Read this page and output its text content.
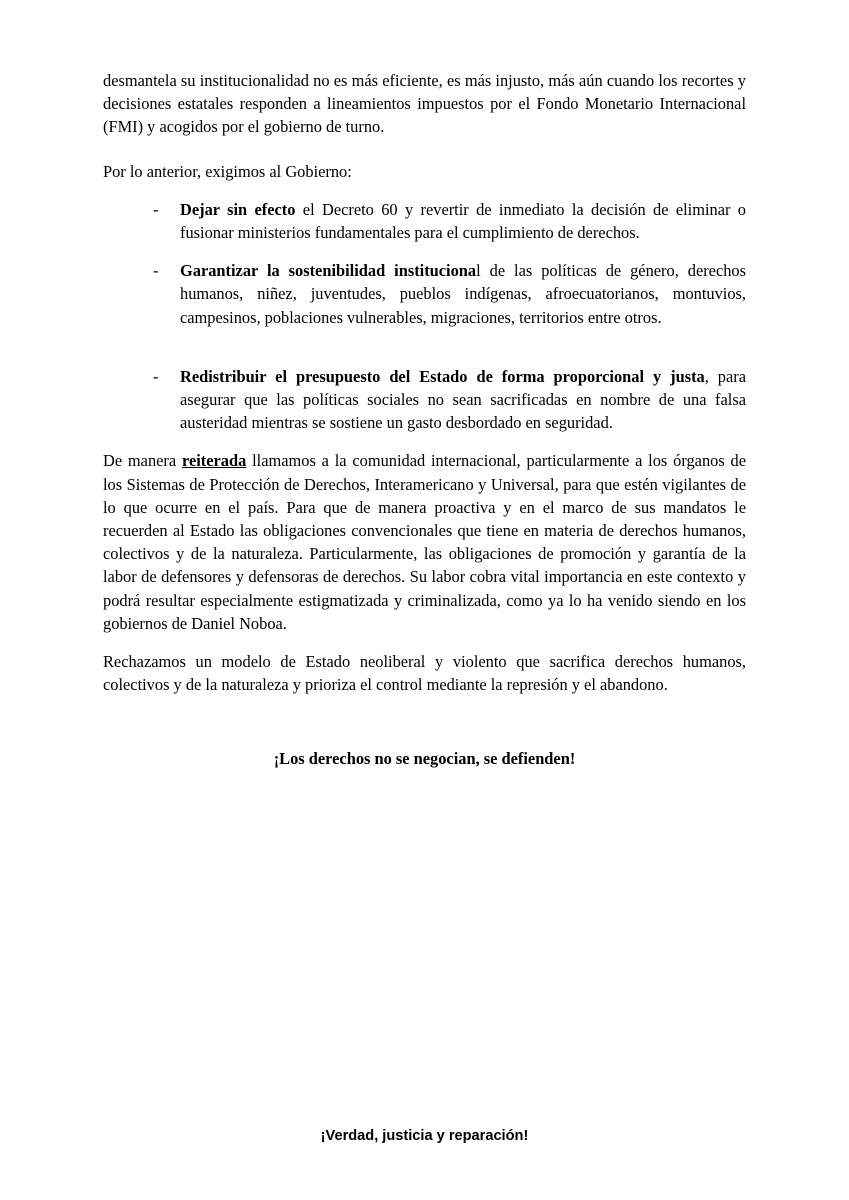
desmantela su institucionalidad no es más eficiente, es más injusto, más aún cuando los recortes y decisiones estatales responden a lineamientos impuestos por el Fondo Monetario Internacional (FMI) y acogidos por el gobierno de turno.

Por lo anterior, exigimos al Gobierno:

- Dejar sin efecto el Decreto 60 y revertir de inmediato la decisión de eliminar o fusionar ministerios fundamentales para el cumplimiento de derechos.
- Garantizar la sostenibilidad institucional de las políticas de género, derechos humanos, niñez, juventudes, pueblos indígenas, afroecuatorianos, montuvios, campesinos, poblaciones vulnerables, migraciones, territorios entre otros.
- Redistribuir el presupuesto del Estado de forma proporcional y justa, para asegurar que las políticas sociales no sean sacrificadas en nombre de una falsa austeridad mientras se sostiene un gasto desbordado en seguridad.

De manera reiterada llamamos a la comunidad internacional, particularmente a los órganos de los Sistemas de Protección de Derechos, Interamericano y Universal, para que estén vigilantes de lo que ocurre en el país. Para que de manera proactiva y en el marco de sus mandatos le recuerden al Estado las obligaciones convencionales que tiene en materia de derechos humanos, colectivos y de la naturaleza. Particularmente, las obligaciones de promoción y garantía de la labor de defensores y defensoras de derechos. Su labor cobra vital importancia en este contexto y podrá resultar especialmente estigmatizada y criminalizada, como ya lo ha venido siendo en los gobiernos de Daniel Noboa.

Rechazamos un modelo de Estado neoliberal y violento que sacrifica derechos humanos, colectivos y de la naturaleza y prioriza el control mediante la represión y el abandono.

¡Los derechos no se negocian, se defienden!
¡Verdad, justicia y reparación!
